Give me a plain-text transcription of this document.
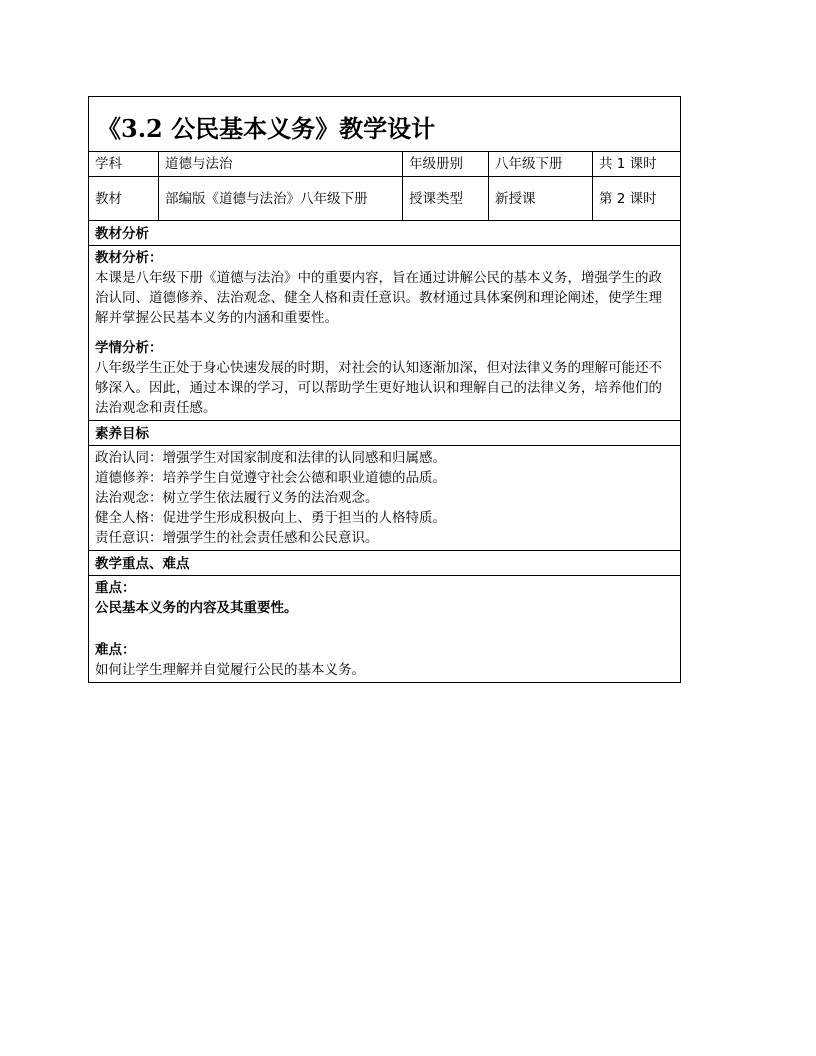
《3.2 公民基本义务》教学设计				
学科	道德与法治	年级册别	八年级下册	共 1 课时
教材	部编版《道德与法治》八年级下册	授课类型	新授课	第 2 课时
教材分析				

教材分析：

本课是八年级下册《道德与法治》中的重要内容，旨在通过讲解公民的基本义务，增强学生的政治认同、道德修养、法治观念、健全人格和责任意识。教材通过具体案例和理论阐述，使学生理解并掌握公民基本义务的内涵和重要性。

学情分析：

八年级学生正处于身心快速发展的时期，对社会的认知逐渐加深，但对法律义务的理解可能还不够深入。因此，通过本课的学习，可以帮助学生更好地认识和理解自己的法律义务，培养他们的法治观念和责任感。				

素养目标				

政治认同：增强学生对国家制度和法律的认同感和归属感。
道德修养：培养学生自觉遵守社会公德和职业道德的品质。
法治观念：树立学生依法履行义务的法治观念。
健全人格：促进学生形成积极向上、勇于担当的人格特质。
责任意识：增强学生的社会责任感和公民意识。				

教学重点、难点				

重点：
公民基本义务的内容及其重要性。
难点：
如何让学生理解并自觉履行公民的基本义务。				
